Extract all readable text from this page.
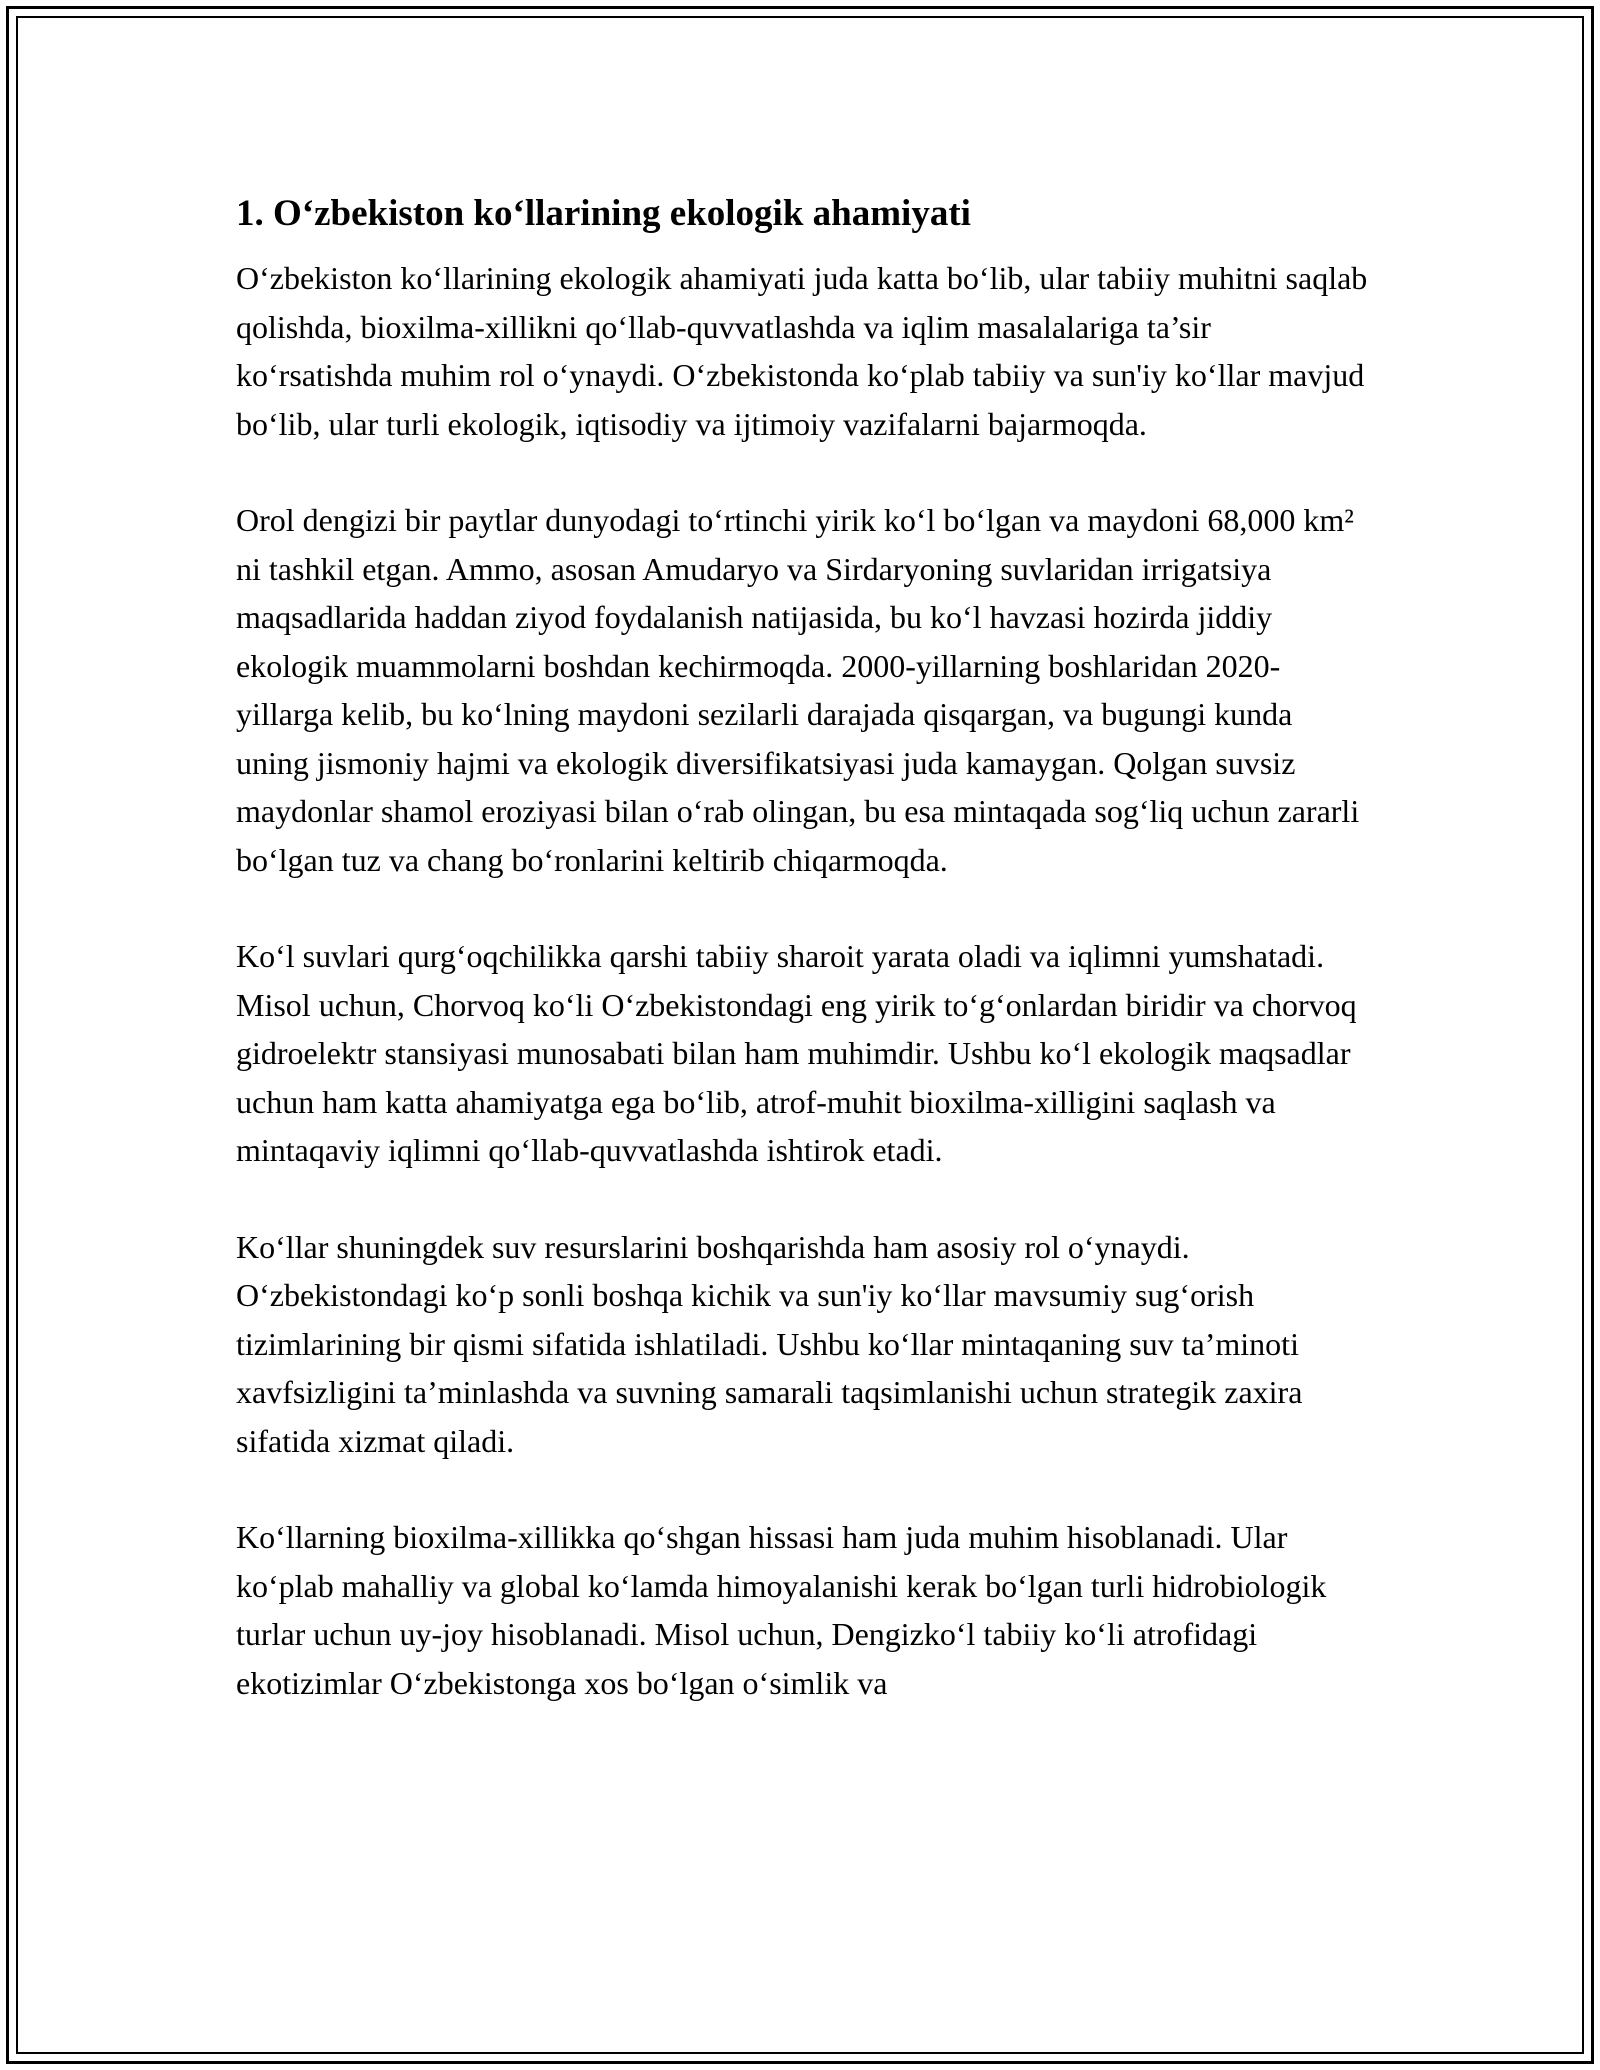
1. O‘zbekiston ko‘llarining ekologik ahamiyati

O‘zbekiston ko‘llarining ekologik ahamiyati juda katta bo‘lib, ular tabiiy muhitni saqlab qolishda, bioxilma-xillikni qo‘llab-quvvatlashda va iqlim masalalariga ta’sir ko‘rsatishda muhim rol o‘ynaydi. O‘zbekistonda ko‘plab tabiiy va sun'iy ko‘llar mavjud bo‘lib, ular turli ekologik, iqtisodiy va ijtimoiy vazifalarni bajarmoqda.

Orol dengizi bir paytlar dunyodagi to‘rtinchi yirik ko‘l bo‘lgan va maydoni 68,000 km² ni tashkil etgan. Ammo, asosan Amudaryo va Sirdaryoning suvlaridan irrigatsiya maqsadlarida haddan ziyod foydalanish natijasida, bu ko‘l havzasi hozirda jiddiy ekologik muammolarni boshdan kechirmoqda. 2000-yillarning boshlaridan 2020-yillarga kelib, bu ko‘lning maydoni sezilarli darajada qisqargan, va bugungi kunda uning jismoniy hajmi va ekologik diversifikatsiyasi juda kamaygan. Qolgan suvsiz maydonlar shamol eroziyasi bilan o‘rab olingan, bu esa mintaqada sog‘liq uchun zararli bo‘lgan tuz va chang bo‘ronlarini keltirib chiqarmoqda.

Ko‘l suvlari qurg‘oqchilikka qarshi tabiiy sharoit yarata oladi va iqlimni yumshatadi. Misol uchun, Chorvoq ko‘li O‘zbekistondagi eng yirik to‘g‘onlardan biridir va chorvoq gidroelektr stansiyasi munosabati bilan ham muhimdir. Ushbu ko‘l ekologik maqsadlar uchun ham katta ahamiyatga ega bo‘lib, atrof-muhit bioxilma-xilligini saqlash va mintaqaviy iqlimni qo‘llab-quvvatlashda ishtirok etadi.

Ko‘llar shuningdek suv resurslarini boshqarishda ham asosiy rol o‘ynaydi. O‘zbekistondagi ko‘p sonli boshqa kichik va sun'iy ko‘llar mavsumiy sug‘orish tizimlarining bir qismi sifatida ishlatiladi. Ushbu ko‘llar mintaqaning suv ta’minoti xavfsizligini ta’minlashda va suvning samarali taqsimlanishi uchun strategik zaxira sifatida xizmat qiladi.

Ko‘llarning bioxilma-xillikka qo‘shgan hissasi ham juda muhim hisoblanadi. Ular ko‘plab mahalliy va global ko‘lamda himoyalanishi kerak bo‘lgan turli hidrobiologik turlar uchun uy-joy hisoblanadi. Misol uchun, Dengizko‘l tabiiy ko‘li atrofidagi ekotizimlar O‘zbekistonga xos bo‘lgan o‘simlik va
